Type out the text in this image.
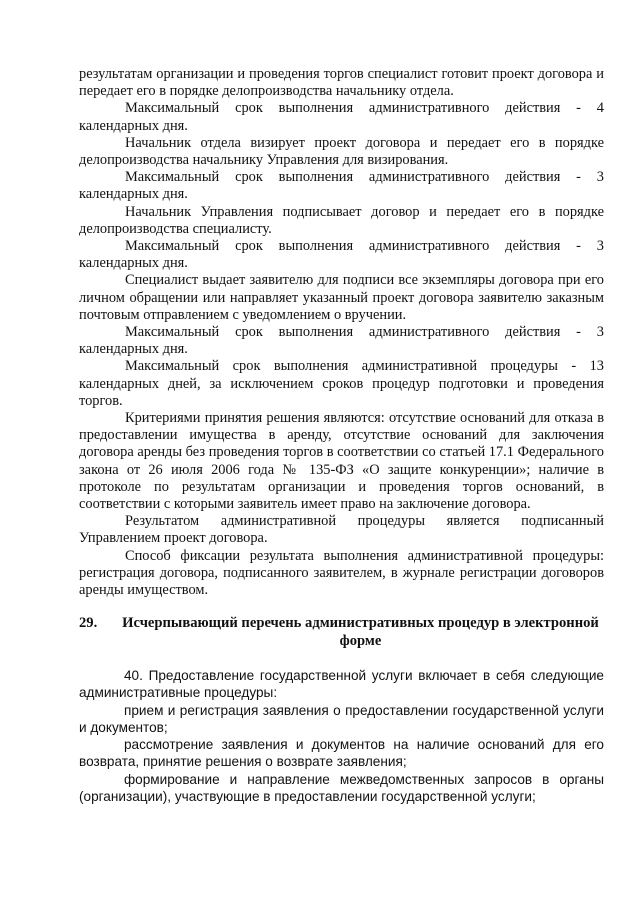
результатам организации и проведения торгов специалист готовит проект договора и передает его в порядке делопроизводства начальнику отдела.

Максимальный срок выполнения административного действия - 4 календарных дня.

Начальник отдела визирует проект договора и передает его в порядке делопроизводства начальнику Управления для визирования.

Максимальный срок выполнения административного действия - 3 календарных дня.

Начальник Управления подписывает договор и передает его в порядке делопроизводства специалисту.

Максимальный срок выполнения административного действия - 3 календарных дня.

Специалист выдает заявителю для подписи все экземпляры договора при его личном обращении или направляет указанный проект договора заявителю заказным почтовым отправлением с уведомлением о вручении.

Максимальный срок выполнения административного действия - 3 календарных дня.

Максимальный срок выполнения административной процедуры - 13 календарных дней, за исключением сроков процедур подготовки и проведения торгов.

Критериями принятия решения являются: отсутствие оснований для отказа в предоставлении имущества в аренду, отсутствие оснований для заключения договора аренды без проведения торгов в соответствии со статьей 17.1 Федерального закона от 26 июля 2006 года № 135-ФЗ «О защите конкуренции»; наличие в протоколе по результатам организации и проведения торгов оснований, в соответствии с которыми заявитель имеет право на заключение договора.

Результатом административной процедуры является подписанный Управлением проект договора.

Способ фиксации результата выполнения административной процедуры: регистрация договора, подписанного заявителем, в журнале регистрации договоров аренды имуществом.

29.	Исчерпывающий перечень административных процедур в электронной форме

40. Предоставление государственной услуги включает в себя следующие административные процедуры:

прием и регистрация заявления о предоставлении государственной услуги и документов;

рассмотрение заявления и документов на наличие оснований для его возврата, принятие решения о возврате заявления;

формирование и направление межведомственных запросов в органы (организации), участвующие в предоставлении государственной услуги;
